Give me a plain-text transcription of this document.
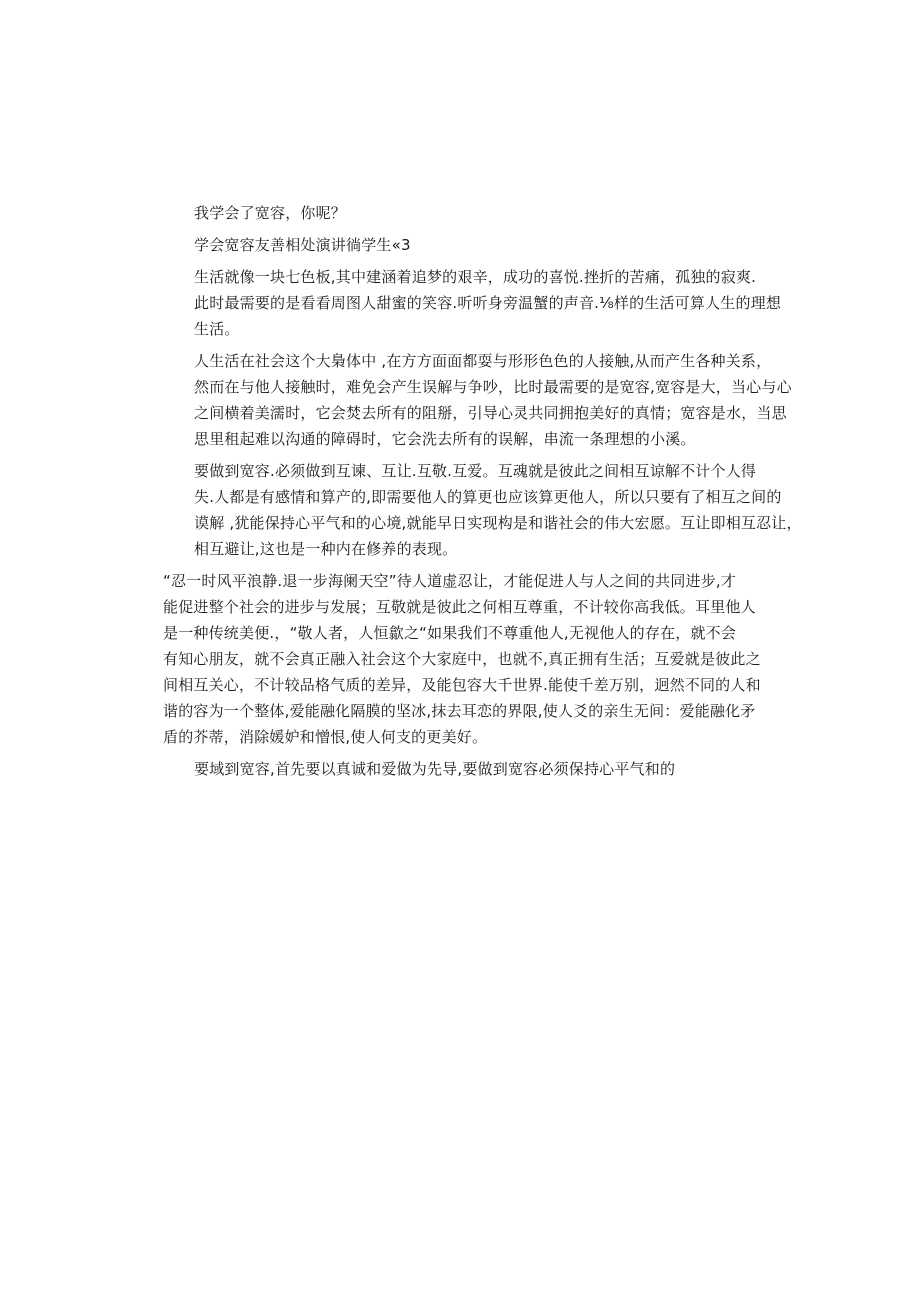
我学会了宽容，你呢？

学会宽容友善相处演讲徜学生«3

生活就像一块七色板,其中建涵着追梦的艰辛，成功的喜悦.挫折的苦痛，孤独的寂爽.
此时最需要的是看看周图人甜蜜的笑容.听听身旁温蟹的声音.⅛样的生活可算人生的理想
生活。

人生活在社会这个大梟体中 ,在方方面面都耍与形形色色的人接触,从而产生各种关系，
然而在与他人接触时，难免会产生误解与争吵，比时最需要的是宽容,宽容是大，当心与心
之间横着美濡时，它会焚去所有的阻掰，引导心灵共同拥抱美好的真情；宽容是水，当思
思里租起难以沟通的障碍时，它会洗去所有的误解，串流一条理想的小溪。

要做到宽容.必须做到互谏、互让.互敬.互爱。互魂就是彼此之间相互谅解不计个人得
失.人都是有感情和算产的,即需要他人的算更也应该算更他人，所以只要有了相互之间的
谟解 ,犹能保持心平气和的心境,就能早日实现构是和谐社会的伟大宏愿。互让即相互忍让，
相互避让,这也是一种内在修养的表现。

“忍一时风平浪静.退一步海阑天空”待人道虚忍让，才能促进人与人之间的共同进步,才
能促进整个社会的进步与发展；互敬就是彼此之何相互尊重，不计较你高我低。耳里他人
是一种传统美便.，“敬人者，人恒歙之“如果我们不尊重他人,无视他人的存在，就不会
有知心朋友，就不会真正融入社会这个大家庭中，也就不,真正拥有生活；互爱就是彼此之
间相互关心，不计较品格气质的差异，及能包容大千世界.能使千差万别，迥然不同的人和
谐的容为一个整体,爱能融化隔膜的坚冰,抹去耳恋的界限,使人爻的亲生无间：爱能融化矛
盾的芥蒂，消除媛妒和憎恨,使人何支的更美好。

要域到宽容,首先要以真诚和爱做为先导,要做到宽容必须保持心平气和的
